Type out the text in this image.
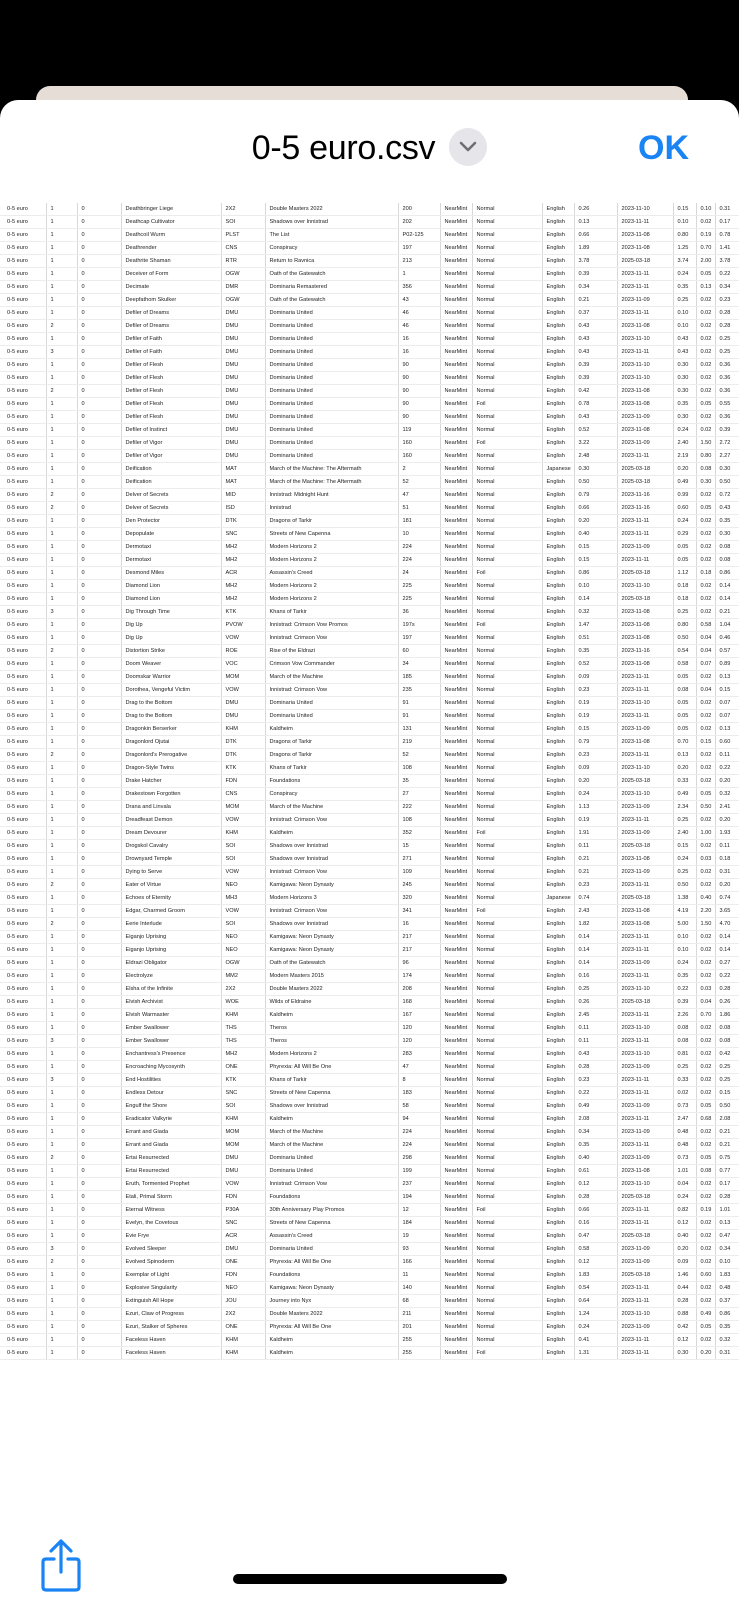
0-5 euro.csv	OK
0-5 euro	1	0	Deathbringer Liege	2X2	Double Masters 2022	200	NearMint	Normal	English	0.26	2023-11-10	0.15	0.10	0.31
0-5 euro	1	0	Deathcap Cultivator	SOI	Shadows over Innistrad	202	NearMint	Normal	English	0.13	2023-11-11	0.10	0.02	0.17
0-5 euro	1	0	Deathcoil Wurm	PLST	The List	P02-125	NearMint	Normal	English	0.66	2023-11-08	0.80	0.19	0.78
0-5 euro	1	0	Deathrender	CNS	Conspiracy	197	NearMint	Normal	English	1.89	2023-11-08	1.25	0.70	1.41
0-5 euro	1	0	Deathrite Shaman	RTR	Return to Ravnica	213	NearMint	Normal	English	3.78	2025-03-18	3.74	2.00	3.78
0-5 euro	1	0	Deceiver of Form	OGW	Oath of the Gatewatch	1	NearMint	Normal	English	0.39	2023-11-11	0.24	0.05	0.22
0-5 euro	1	0	Decimate	DMR	Dominaria Remastered	356	NearMint	Normal	English	0.34	2023-11-11	0.35	0.13	0.34
0-5 euro	1	0	Deepfathom Skulker	OGW	Oath of the Gatewatch	43	NearMint	Normal	English	0.21	2023-11-09	0.25	0.02	0.23
0-5 euro	1	0	Defiler of Dreams	DMU	Dominaria United	46	NearMint	Normal	English	0.37	2023-11-11	0.10	0.02	0.28
0-5 euro	2	0	Defiler of Dreams	DMU	Dominaria United	46	NearMint	Normal	English	0.43	2023-11-08	0.10	0.02	0.28
0-5 euro	1	0	Defiler of Faith	DMU	Dominaria United	16	NearMint	Normal	English	0.43	2023-11-10	0.43	0.02	0.25
0-5 euro	3	0	Defiler of Faith	DMU	Dominaria United	16	NearMint	Normal	English	0.43	2023-11-11	0.43	0.02	0.25
0-5 euro	1	0	Defiler of Flesh	DMU	Dominaria United	90	NearMint	Normal	English	0.39	2023-11-10	0.30	0.02	0.36
0-5 euro	1	0	Defiler of Flesh	DMU	Dominaria United	90	NearMint	Normal	English	0.39	2023-11-10	0.30	0.02	0.36
0-5 euro	2	0	Defiler of Flesh	DMU	Dominaria United	90	NearMint	Normal	English	0.42	2023-11-08	0.30	0.02	0.36
0-5 euro	1	0	Defiler of Flesh	DMU	Dominaria United	90	NearMint	Foil	English	0.78	2023-11-08	0.35	0.05	0.55
0-5 euro	1	0	Defiler of Flesh	DMU	Dominaria United	90	NearMint	Normal	English	0.43	2023-11-09	0.30	0.02	0.36
0-5 euro	1	0	Defiler of Instinct	DMU	Dominaria United	119	NearMint	Normal	English	0.52	2023-11-08	0.24	0.02	0.39
0-5 euro	1	0	Defiler of Vigor	DMU	Dominaria United	160	NearMint	Foil	English	3.22	2023-11-09	2.40	1.50	2.72
0-5 euro	1	0	Defiler of Vigor	DMU	Dominaria United	160	NearMint	Normal	English	2.48	2023-11-11	2.19	0.80	2.27
0-5 euro	1	0	Deification	MAT	March of the Machine: The Aftermath	2	NearMint	Normal	Japanese	0.30	2025-03-18	0.20	0.08	0.30
0-5 euro	1	0	Deification	MAT	March of the Machine: The Aftermath	52	NearMint	Normal	English	0.50	2025-03-18	0.49	0.30	0.50
0-5 euro	2	0	Delver of Secrets	MID	Innistrad: Midnight Hunt	47	NearMint	Normal	English	0.79	2023-11-16	0.99	0.02	0.72
0-5 euro	2	0	Delver of Secrets	ISD	Innistrad	51	NearMint	Normal	English	0.66	2023-11-16	0.60	0.05	0.43
0-5 euro	1	0	Den Protector	DTK	Dragons of Tarkir	181	NearMint	Normal	English	0.20	2023-11-11	0.24	0.02	0.35
0-5 euro	1	0	Depopulate	SNC	Streets of New Capenna	10	NearMint	Normal	English	0.40	2023-11-11	0.29	0.02	0.30
0-5 euro	1	0	Dermotaxi	MH2	Modern Horizons 2	224	NearMint	Normal	English	0.15	2023-11-09	0.05	0.02	0.08
0-5 euro	1	0	Dermotaxi	MH2	Modern Horizons 2	224	NearMint	Normal	English	0.15	2023-11-11	0.05	0.02	0.08
0-5 euro	1	0	Desmond Miles	ACR	Assassin's Creed	24	NearMint	Foil	English	0.86	2025-03-18	1.12	0.18	0.86
0-5 euro	1	0	Diamond Lion	MH2	Modern Horizons 2	225	NearMint	Normal	English	0.10	2023-11-10	0.18	0.02	0.14
0-5 euro	1	0	Diamond Lion	MH2	Modern Horizons 2	225	NearMint	Normal	English	0.14	2025-03-18	0.18	0.02	0.14
0-5 euro	3	0	Dig Through Time	KTK	Khans of Tarkir	36	NearMint	Normal	English	0.32	2023-11-08	0.25	0.02	0.21
0-5 euro	1	0	Dig Up	PVOW	Innistrad: Crimson Vow Promos	197s	NearMint	Foil	English	1.47	2023-11-08	0.80	0.58	1.04
0-5 euro	1	0	Dig Up	VOW	Innistrad: Crimson Vow	197	NearMint	Normal	English	0.51	2023-11-08	0.50	0.04	0.46
0-5 euro	2	0	Distortion Strike	ROE	Rise of the Eldrazi	60	NearMint	Normal	English	0.35	2023-11-16	0.54	0.04	0.57
0-5 euro	1	0	Doom Weaver	VOC	Crimson Vow Commander	34	NearMint	Normal	English	0.52	2023-11-08	0.58	0.07	0.89
0-5 euro	1	0	Doomskar Warrior	MOM	March of the Machine	185	NearMint	Normal	English	0.09	2023-11-11	0.05	0.02	0.13
0-5 euro	1	0	Dorothea, Vengeful Victim	VOW	Innistrad: Crimson Vow	235	NearMint	Normal	English	0.23	2023-11-11	0.08	0.04	0.15
0-5 euro	1	0	Drag to the Bottom	DMU	Dominaria United	91	NearMint	Normal	English	0.19	2023-11-10	0.05	0.02	0.07
0-5 euro	1	0	Drag to the Bottom	DMU	Dominaria United	91	NearMint	Normal	English	0.19	2023-11-11	0.05	0.02	0.07
0-5 euro	1	0	Dragonkin Berserker	KHM	Kaldheim	131	NearMint	Normal	English	0.15	2023-11-09	0.05	0.02	0.13
0-5 euro	1	0	Dragonlord Ojutai	DTK	Dragons of Tarkir	219	NearMint	Normal	English	0.79	2023-11-08	0.70	0.15	0.60
0-5 euro	2	0	Dragonlord's Prerogative	DTK	Dragons of Tarkir	52	NearMint	Normal	English	0.23	2023-11-11	0.13	0.02	0.11
0-5 euro	1	0	Dragon-Style Twins	KTK	Khans of Tarkir	108	NearMint	Normal	English	0.09	2023-11-10	0.20	0.02	0.22
0-5 euro	1	0	Drake Hatcher	FDN	Foundations	35	NearMint	Normal	English	0.20	2025-03-18	0.33	0.02	0.20
0-5 euro	1	0	Drakestown Forgotten	CNS	Conspiracy	27	NearMint	Normal	English	0.24	2023-11-10	0.49	0.05	0.32
0-5 euro	1	0	Drana and Linvala	MOM	March of the Machine	222	NearMint	Normal	English	1.13	2023-11-09	2.34	0.50	2.41
0-5 euro	1	0	Dreadfeast Demon	VOW	Innistrad: Crimson Vow	108	NearMint	Normal	English	0.19	2023-11-11	0.25	0.02	0.20
0-5 euro	1	0	Dream Devourer	KHM	Kaldheim	352	NearMint	Foil	English	1.91	2023-11-09	2.40	1.00	1.93
0-5 euro	1	0	Drogskol Cavalry	SOI	Shadows over Innistrad	15	NearMint	Normal	English	0.11	2025-03-18	0.15	0.02	0.11
0-5 euro	1	0	Drownyard Temple	SOI	Shadows over Innistrad	271	NearMint	Normal	English	0.21	2023-11-08	0.24	0.03	0.18
0-5 euro	1	0	Dying to Serve	VOW	Innistrad: Crimson Vow	109	NearMint	Normal	English	0.21	2023-11-09	0.25	0.02	0.31
0-5 euro	2	0	Eater of Virtue	NEO	Kamigawa: Neon Dynasty	245	NearMint	Normal	English	0.23	2023-11-11	0.50	0.02	0.20
0-5 euro	1	0	Echoes of Eternity	MH3	Modern Horizons 3	320	NearMint	Normal	Japanese	0.74	2025-03-18	1.38	0.40	0.74
0-5 euro	1	0	Edgar, Charmed Groom	VOW	Innistrad: Crimson Vow	341	NearMint	Foil	English	2.43	2023-11-08	4.19	2.20	3.65
0-5 euro	2	0	Eerie Interlude	SOI	Shadows over Innistrad	16	NearMint	Normal	English	1.82	2023-11-08	5.00	1.50	4.70
0-5 euro	1	0	Eiganjo Uprising	NEO	Kamigawa: Neon Dynasty	217	NearMint	Normal	English	0.14	2023-11-11	0.10	0.02	0.14
0-5 euro	1	0	Eiganjo Uprising	NEO	Kamigawa: Neon Dynasty	217	NearMint	Normal	English	0.14	2023-11-11	0.10	0.02	0.14
0-5 euro	1	0	Eldrazi Obligator	OGW	Oath of the Gatewatch	96	NearMint	Normal	English	0.14	2023-11-09	0.24	0.02	0.27
0-5 euro	1	0	Electrolyze	MM2	Modern Masters 2015	174	NearMint	Normal	English	0.16	2023-11-11	0.35	0.02	0.22
0-5 euro	1	0	Elsha of the Infinite	2X2	Double Masters 2022	208	NearMint	Normal	English	0.25	2023-11-10	0.22	0.03	0.28
0-5 euro	1	0	Elvish Archivist	WOE	Wilds of Eldraine	168	NearMint	Normal	English	0.26	2025-03-18	0.39	0.04	0.26
0-5 euro	1	0	Elvish Warmaster	KHM	Kaldheim	167	NearMint	Normal	English	2.45	2023-11-11	2.26	0.70	1.86
0-5 euro	1	0	Ember Swallower	THS	Theros	120	NearMint	Normal	English	0.11	2023-11-10	0.08	0.02	0.08
0-5 euro	3	0	Ember Swallower	THS	Theros	120	NearMint	Normal	English	0.11	2023-11-11	0.08	0.02	0.08
0-5 euro	1	0	Enchantress's Presence	MH2	Modern Horizons 2	283	NearMint	Normal	English	0.43	2023-11-10	0.81	0.02	0.42
0-5 euro	1	0	Encroaching Mycosynth	ONE	Phyrexia: All Will Be One	47	NearMint	Normal	English	0.28	2023-11-09	0.25	0.02	0.25
0-5 euro	3	0	End Hostilities	KTK	Khans of Tarkir	8	NearMint	Normal	English	0.23	2023-11-11	0.33	0.02	0.25
0-5 euro	1	0	Endless Detour	SNC	Streets of New Capenna	183	NearMint	Normal	English	0.22	2023-11-11	0.02	0.02	0.15
0-5 euro	1	0	Engulf the Shore	SOI	Shadows over Innistrad	58	NearMint	Normal	English	0.49	2023-11-09	0.73	0.05	0.50
0-5 euro	1	0	Eradicator Valkyrie	KHM	Kaldheim	94	NearMint	Normal	English	2.08	2023-11-11	2.47	0.68	2.08
0-5 euro	1	0	Errant and Giada	MOM	March of the Machine	224	NearMint	Normal	English	0.34	2023-11-09	0.48	0.02	0.21
0-5 euro	1	0	Errant and Giada	MOM	March of the Machine	224	NearMint	Normal	English	0.35	2023-11-11	0.48	0.02	0.21
0-5 euro	2	0	Ertai Resurrected	DMU	Dominaria United	298	NearMint	Normal	English	0.40	2023-11-09	0.73	0.05	0.75
0-5 euro	1	0	Ertai Resurrected	DMU	Dominaria United	199	NearMint	Normal	English	0.61	2023-11-08	1.01	0.08	0.77
0-5 euro	1	0	Eruth, Tormented Prophet	VOW	Innistrad: Crimson Vow	237	NearMint	Normal	English	0.12	2023-11-10	0.04	0.02	0.17
0-5 euro	1	0	Etali, Primal Storm	FDN	Foundations	194	NearMint	Normal	English	0.28	2025-03-18	0.24	0.02	0.28
0-5 euro	1	0	Eternal Witness	P30A	30th Anniversary Play Promos	12	NearMint	Foil	English	0.66	2023-11-11	0.82	0.19	1.01
0-5 euro	1	0	Evelyn, the Covetous	SNC	Streets of New Capenna	184	NearMint	Normal	English	0.16	2023-11-11	0.12	0.02	0.13
0-5 euro	1	0	Evie Frye	ACR	Assassin's Creed	19	NearMint	Normal	English	0.47	2025-03-18	0.40	0.02	0.47
0-5 euro	3	0	Evolved Sleeper	DMU	Dominaria United	93	NearMint	Normal	English	0.58	2023-11-09	0.20	0.02	0.34
0-5 euro	2	0	Evolved Spinoderm	ONE	Phyrexia: All Will Be One	166	NearMint	Normal	English	0.12	2023-11-09	0.09	0.02	0.10
0-5 euro	1	0	Exemplar of Light	FDN	Foundations	11	NearMint	Normal	English	1.83	2025-03-18	1.46	0.60	1.83
0-5 euro	1	0	Explosive Singularity	NEO	Kamigawa: Neon Dynasty	140	NearMint	Normal	English	0.54	2023-11-11	0.44	0.02	0.48
0-5 euro	1	0	Extinguish All Hope	JOU	Journey into Nyx	68	NearMint	Normal	English	0.64	2023-11-11	0.28	0.02	0.37
0-5 euro	1	0	Ezuri, Claw of Progress	2X2	Double Masters 2022	211	NearMint	Normal	English	1.24	2023-11-10	0.88	0.49	0.86
0-5 euro	1	0	Ezuri, Stalker of Spheres	ONE	Phyrexia: All Will Be One	201	NearMint	Normal	English	0.24	2023-11-09	0.42	0.05	0.35
0-5 euro	1	0	Faceless Haven	KHM	Kaldheim	255	NearMint	Normal	English	0.41	2023-11-11	0.12	0.02	0.32
0-5 euro	1	0	Faceless Haven	KHM	Kaldheim	255	NearMint	Foil	English	1.31	2023-11-11	0.30	0.20	0.31
